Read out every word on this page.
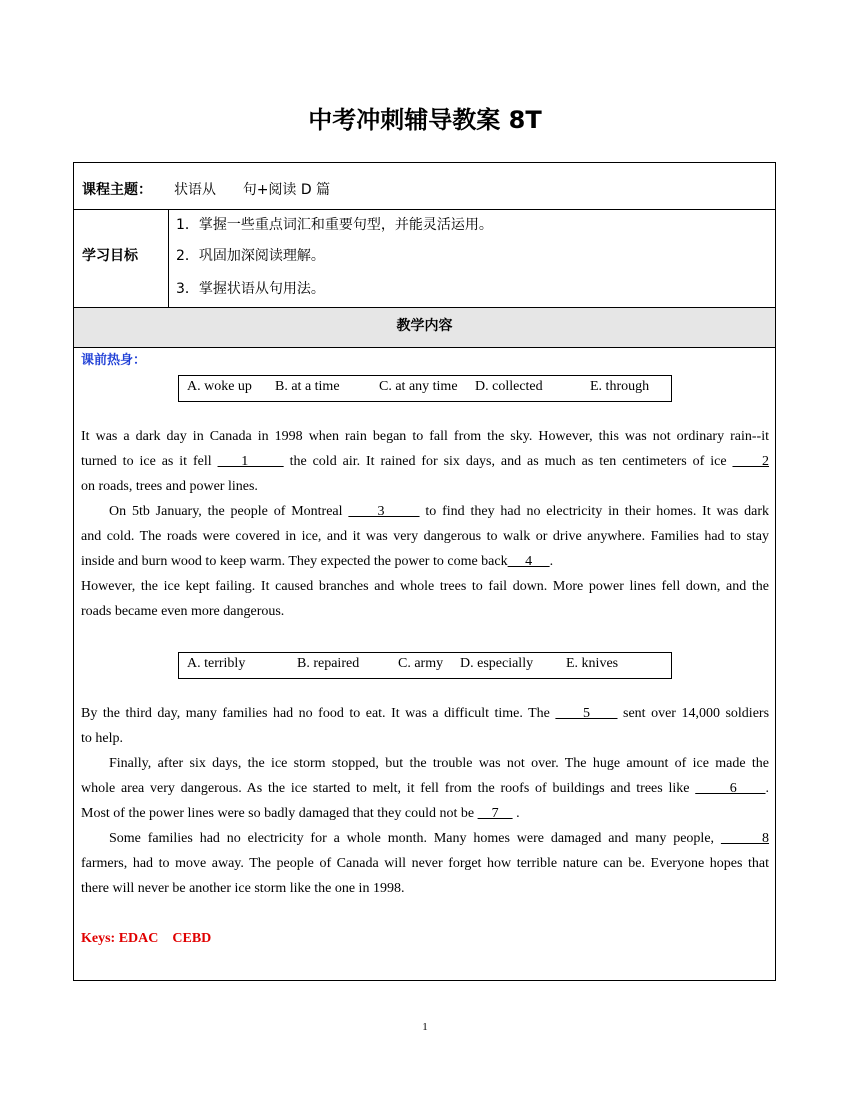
中考冲刺辅导教案 8T
课程主题： 状语从      句+阅读 D 篇
学习目标
1．掌握一些重点词汇和重要句型，并能灵活运用。
2．巩固加深阅读理解。
3．掌握状语从句用法。
教学内容
课前热身：
A. woke up B. at a time	C. at any time D. collected	E. through
It was a dark day in Canada in 1998 when rain began to fall from the sky. However, this was not ordinary rain--it
turned to ice as it fell     1       the cold air. It rained for six days, and as much as ten centimeters of ice      2
on roads, trees and power lines.
On 5tb January, the people of Montreal      3       to find they had no electricity in their homes. It was dark
and cold. The roads were covered in ice, and it was very dangerous to walk or drive anywhere. Families had to stay
inside and burn wood to keep warm. They expected the power to come back     4     .
However, the ice kept failing. It caused branches and whole trees to fail down. More power lines fell down, and the
roads became even more dangerous.
A. terribly	B. repaired	C. army D. especially E. knives
By the third day, many families had no food to eat. It was a difficult time. The      5      sent over 14,000 soldiers
to help.
Finally, after six days, the ice storm stopped, but the trouble was not over. The huge amount of ice made the
whole area very dangerous. As the ice started to melt, it fell from the roofs of buildings and trees like       6     .
Most of the power lines were so badly damaged that they could not be     7     .
Some families had no electricity for a whole month. Many homes were damaged and many people,       8
farmers, had to move away. The people of Canada will never forget how terrible nature can be. Everyone hopes that
there will never be another ice storm like the one in 1998.
Keys: EDAC    CEBD
1
